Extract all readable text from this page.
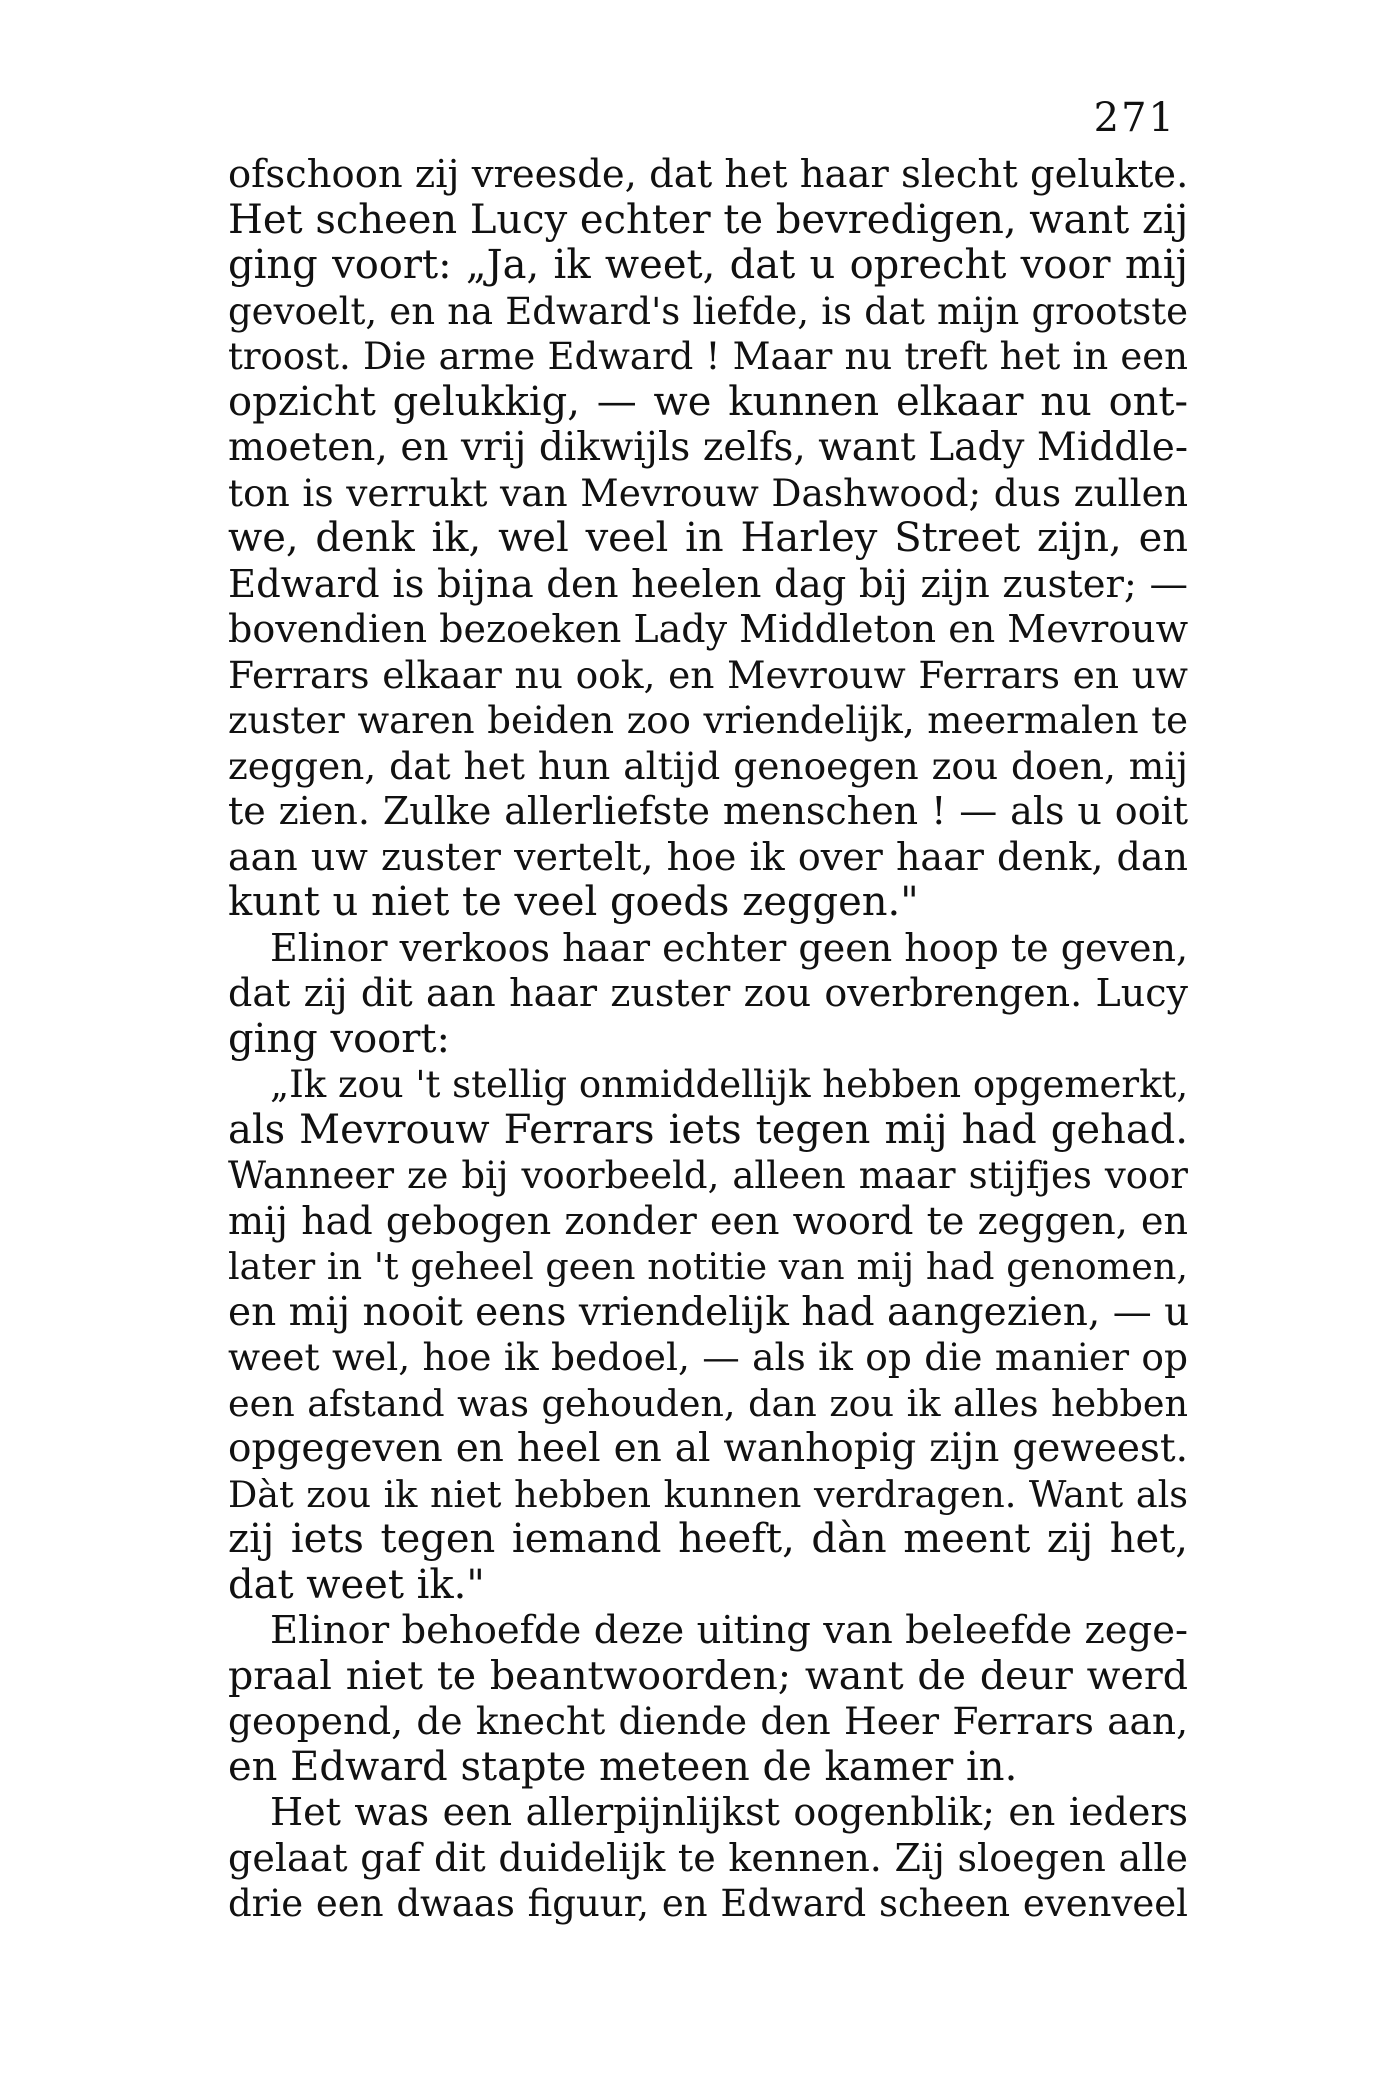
271
ofschoon zij vreesde, dat het haar slecht gelukte.
Het scheen Lucy echter te bevredigen, want zij
ging voort: „Ja, ik weet, dat u oprecht voor mij
gevoelt, en na Edward's liefde, is dat mijn grootste
troost. Die arme Edward ! Maar nu treft het in een
opzicht gelukkig, — we kunnen elkaar nu ont-
moeten, en vrij dikwijls zelfs, want Lady Middle-
ton is verrukt van Mevrouw Dashwood; dus zullen
we, denk ik, wel veel in Harley Street zijn, en
Edward is bijna den heelen dag bij zijn zuster; —
bovendien bezoeken Lady Middleton en Mevrouw
Ferrars elkaar nu ook, en Mevrouw Ferrars en uw
zuster waren beiden zoo vriendelijk, meermalen te
zeggen, dat het hun altijd genoegen zou doen, mij
te zien. Zulke allerliefste menschen ! — als u ooit
aan uw zuster vertelt, hoe ik over haar denk, dan
kunt u niet te veel goeds zeggen."
Elinor verkoos haar echter geen hoop te geven,
dat zij dit aan haar zuster zou overbrengen. Lucy
ging voort:
„Ik zou 't stellig onmiddellijk hebben opgemerkt,
als Mevrouw Ferrars iets tegen mij had gehad.
Wanneer ze bij voorbeeld, alleen maar stijfjes voor
mij had gebogen zonder een woord te zeggen, en
later in 't geheel geen notitie van mij had genomen,
en mij nooit eens vriendelijk had aangezien, — u
weet wel, hoe ik bedoel, — als ik op die manier op
een afstand was gehouden, dan zou ik alles hebben
opgegeven en heel en al wanhopig zijn geweest.
Dàt zou ik niet hebben kunnen verdragen. Want als
zij iets tegen iemand heeft, dàn meent zij het,
dat weet ik."
Elinor behoefde deze uiting van beleefde zege-
praal niet te beantwoorden; want de deur werd
geopend, de knecht diende den Heer Ferrars aan,
en Edward stapte meteen de kamer in.
Het was een allerpijnlijkst oogenblik; en ieders
gelaat gaf dit duidelijk te kennen. Zij sloegen alle
drie een dwaas figuur, en Edward scheen evenveel
